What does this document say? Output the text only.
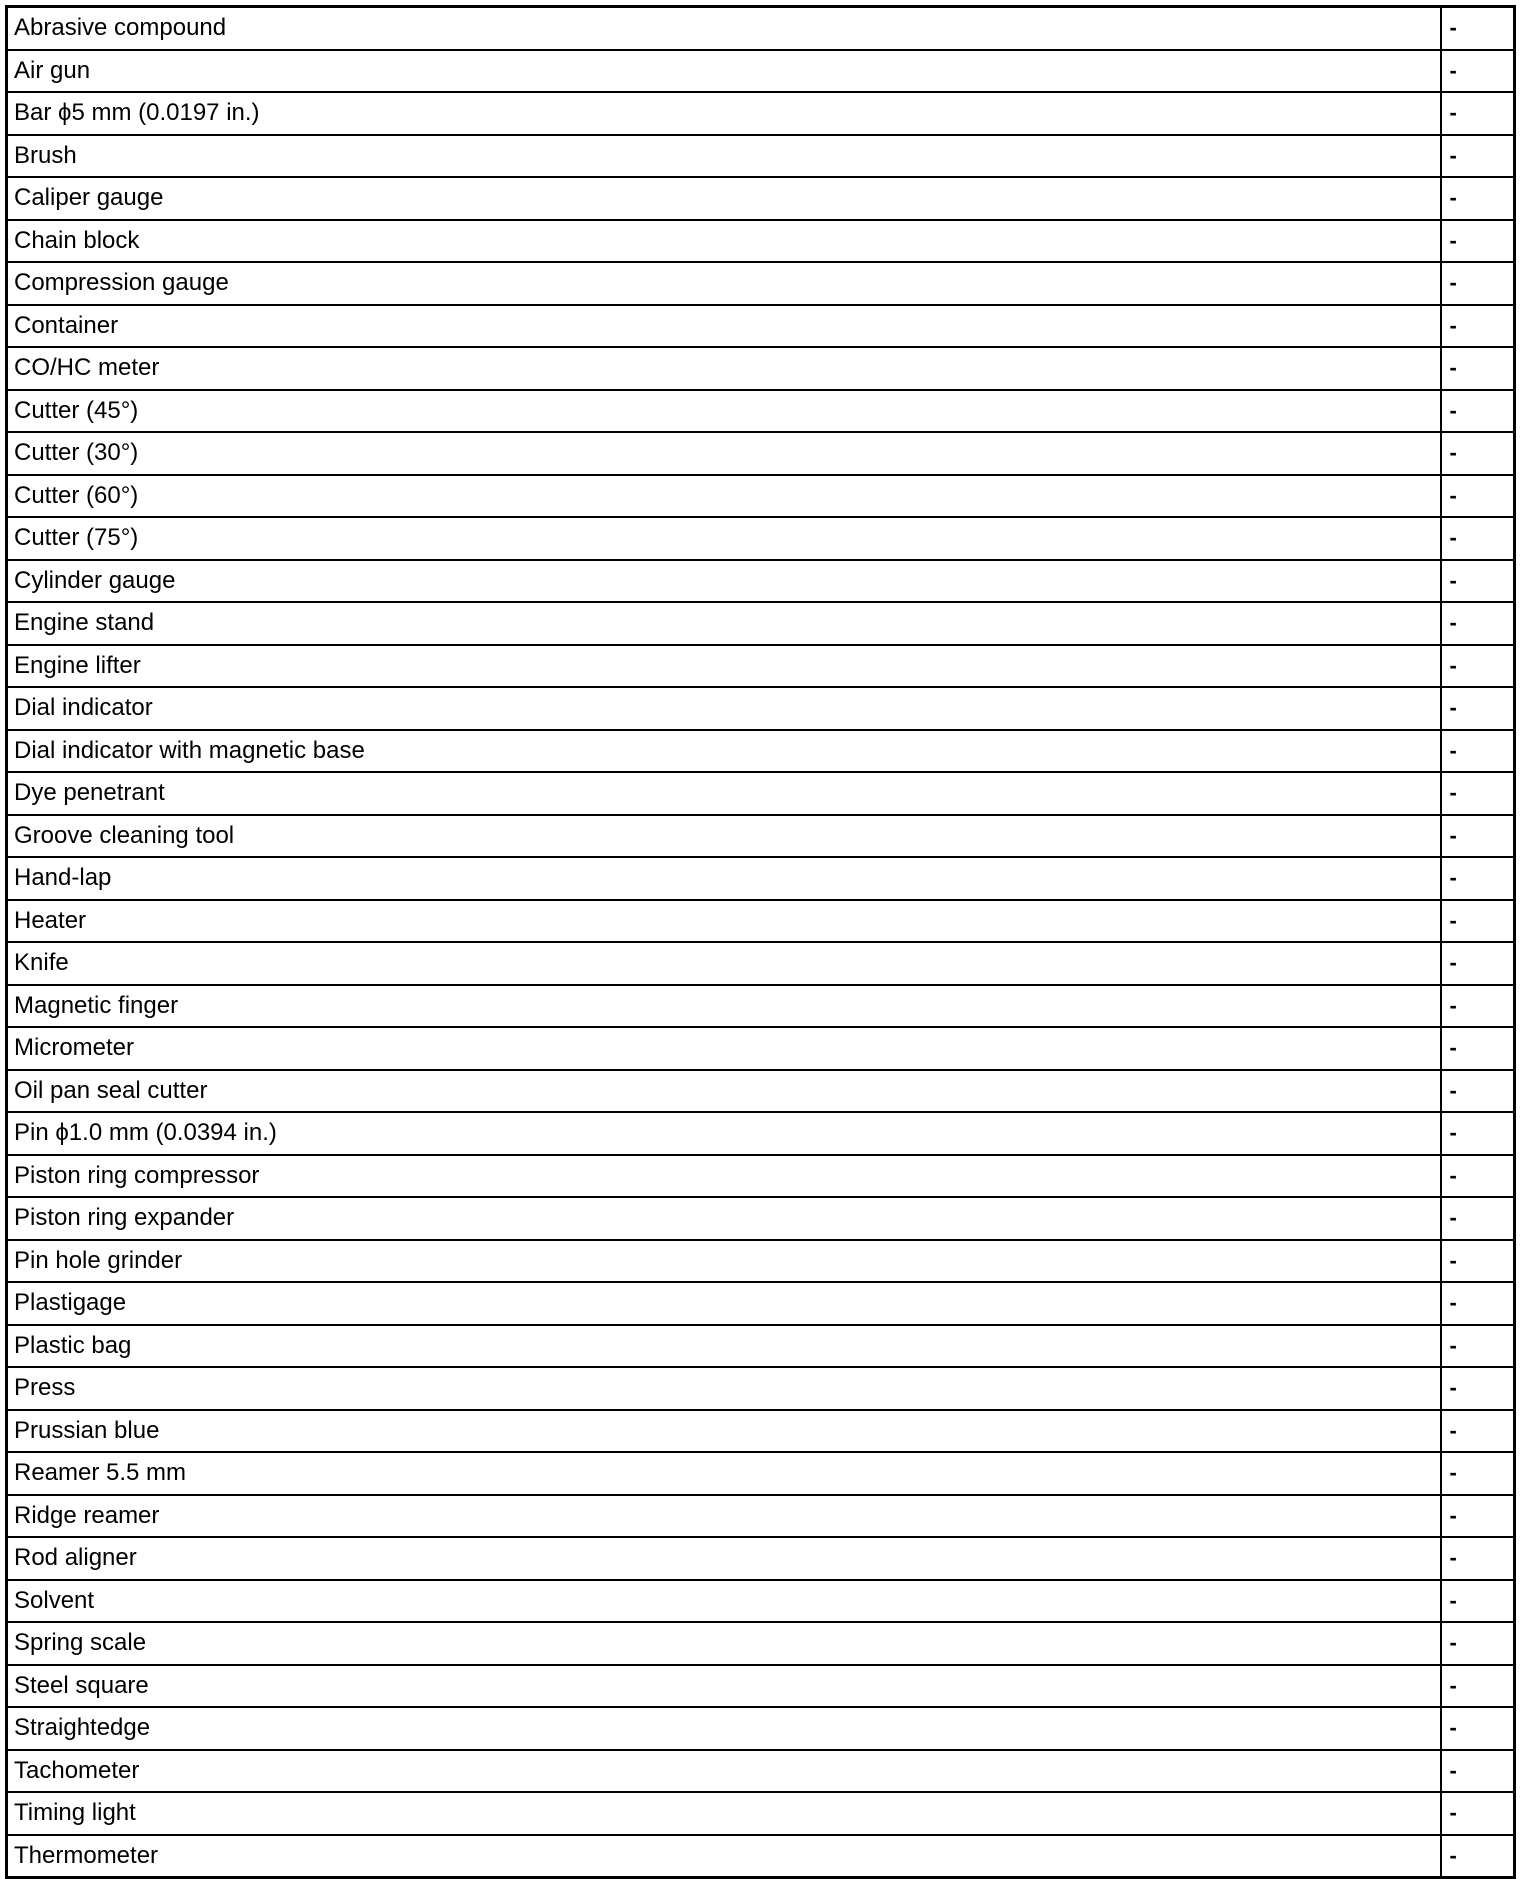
Abrasive compound	-
Air gun	-
Bar ϕ5 mm (0.0197 in.)	-
Brush	-
Caliper gauge	-
Chain block	-
Compression gauge	-
Container	-
CO/HC meter	-
Cutter (45°)	-
Cutter (30°)	-
Cutter (60°)	-
Cutter (75°)	-
Cylinder gauge	-
Engine stand	-
Engine lifter	-
Dial indicator	-
Dial indicator with magnetic base	-
Dye penetrant	-
Groove cleaning tool	-
Hand-lap	-
Heater	-
Knife	-
Magnetic finger	-
Micrometer	-
Oil pan seal cutter	-
Pin ϕ1.0 mm (0.0394 in.)	-
Piston ring compressor	-
Piston ring expander	-
Pin hole grinder	-
Plastigage	-
Plastic bag	-
Press	-
Prussian blue	-
Reamer 5.5 mm	-
Ridge reamer	-
Rod aligner	-
Solvent	-
Spring scale	-
Steel square	-
Straightedge	-
Tachometer	-
Timing light	-
Thermometer	-
